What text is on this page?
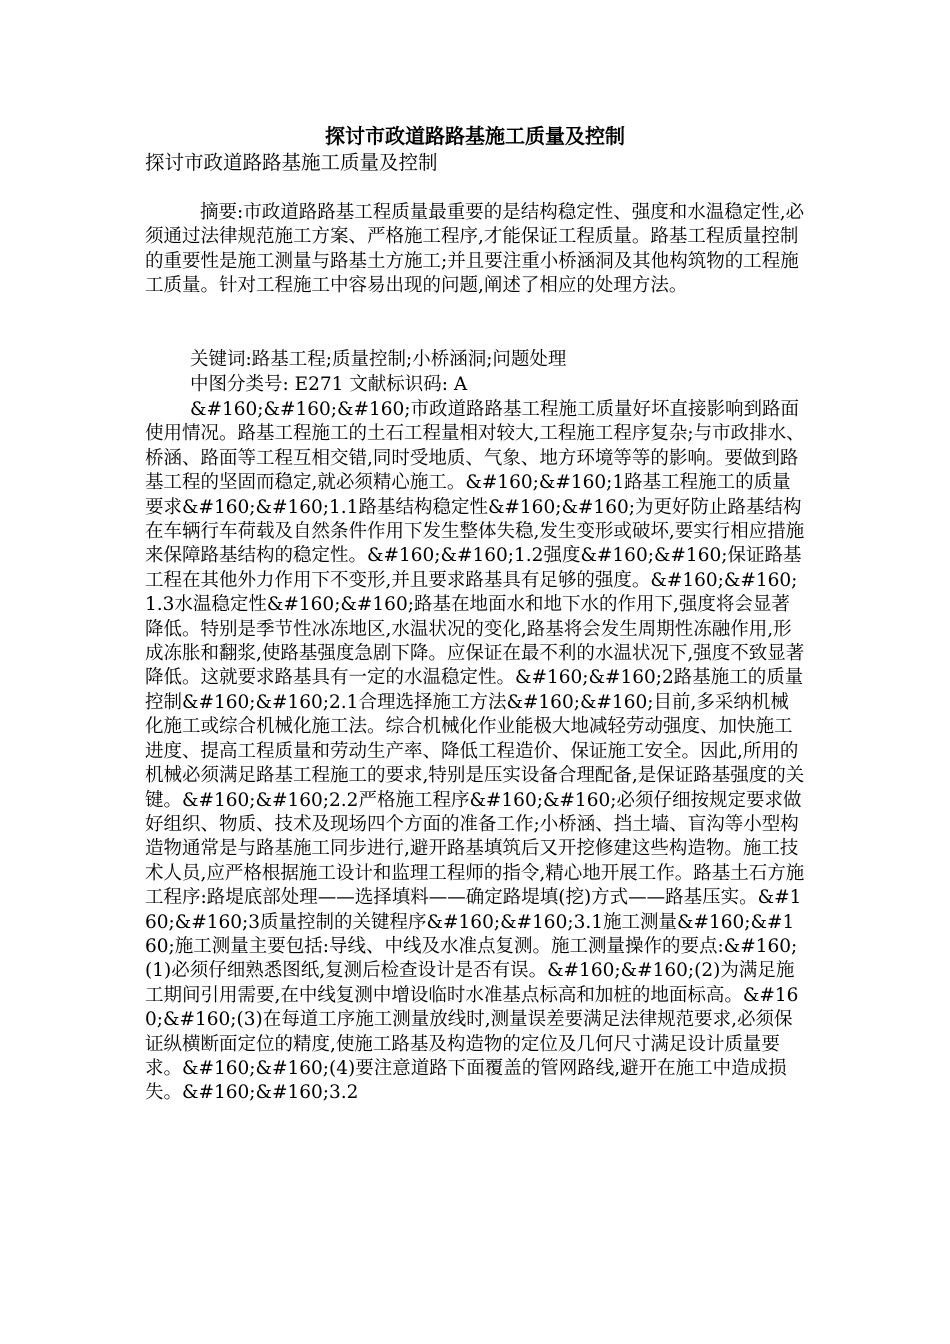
探讨市政道路路基施工质量及控制

探讨市政道路路基施工质量及控制

摘要:市政道路路基工程质量最重要的是结构稳定性、强度和水温稳定性,必须通过法律规范施工方案、严格施工程序,才能保证工程质量。路基工程质量控制的重要性是施工测量与路基土方施工;并且要注重小桥涵洞及其他构筑物的工程施工质量。针对工程施工中容易出现的问题,阐述了相应的处理方法。

关键词:路基工程;质量控制;小桥涵洞;问题处理

中图分类号: E271 文献标识码: A

&#160;&#160;&#160;市政道路路基工程施工质量好坏直接影响到路面使用情况。路基工程施工的土石工程量相对较大,工程施工程序复杂;与市政排水、桥涵、路面等工程互相交错,同时受地质、气象、地方环境等等的影响。要做到路基工程的坚固而稳定,就必须精心施工。&#160;&#160;1路基工程施工的质量要求&#160;&#160;1.1路基结构稳定性&#160;&#160;为更好防止路基结构在车辆行车荷载及自然条件作用下发生整体失稳,发生变形或破坏,要实行相应措施来保障路基结构的稳定性。&#160;&#160;1.2强度&#160;&#160;保证路基工程在其他外力作用下不变形,并且要求路基具有足够的强度。&#160;&#160;1.3水温稳定性&#160;&#160;路基在地面水和地下水的作用下,强度将会显著降低。特别是季节性冰冻地区,水温状况的变化,路基将会发生周期性冻融作用,形成冻胀和翻浆,使路基强度急剧下降。应保证在最不利的水温状况下,强度不致显著降低。这就要求路基具有一定的水温稳定性。&#160;&#160;2路基施工的质量控制&#160;&#160;2.1合理选择施工方法&#160;&#160;目前,多采纳机械化施工或综合机械化施工法。综合机械化作业能极大地减轻劳动强度、加快施工进度、提高工程质量和劳动生产率、降低工程造价、保证施工安全。因此,所用的机械必须满足路基工程施工的要求,特别是压实设备合理配备,是保证路基强度的关键。&#160;&#160;2.2严格施工程序&#160;&#160;必须仔细按规定要求做好组织、物质、技术及现场四个方面的准备工作;小桥涵、挡土墙、盲沟等小型构造物通常是与路基施工同步进行,避开路基填筑后又开挖修建这些构造物。施工技术人员,应严格根据施工设计和监理工程师的指令,精心地开展工作。路基土石方施工程序:路堤底部处理——选择填料——确定路堤填(挖)方式——路基压实。&#160;&#160;3质量控制的关键程序&#160;&#160;3.1施工测量&#160;&#160;施工测量主要包括:导线、中线及水准点复测。施工测量操作的要点:&#160;(1)必须仔细熟悉图纸,复测后检查设计是否有误。&#160;&#160;(2)为满足施工期间引用需要,在中线复测中增设临时水准基点标高和加桩的地面标高。&#160;&#160;(3)在每道工序施工测量放线时,测量误差要满足法律规范要求,必须保证纵横断面定位的精度,使施工路基及构造物的定位及几何尺寸满足设计质量要求。&#160;&#160;(4)要注意道路下面覆盖的管网路线,避开在施工中造成损失。&#160;&#160;3.2
